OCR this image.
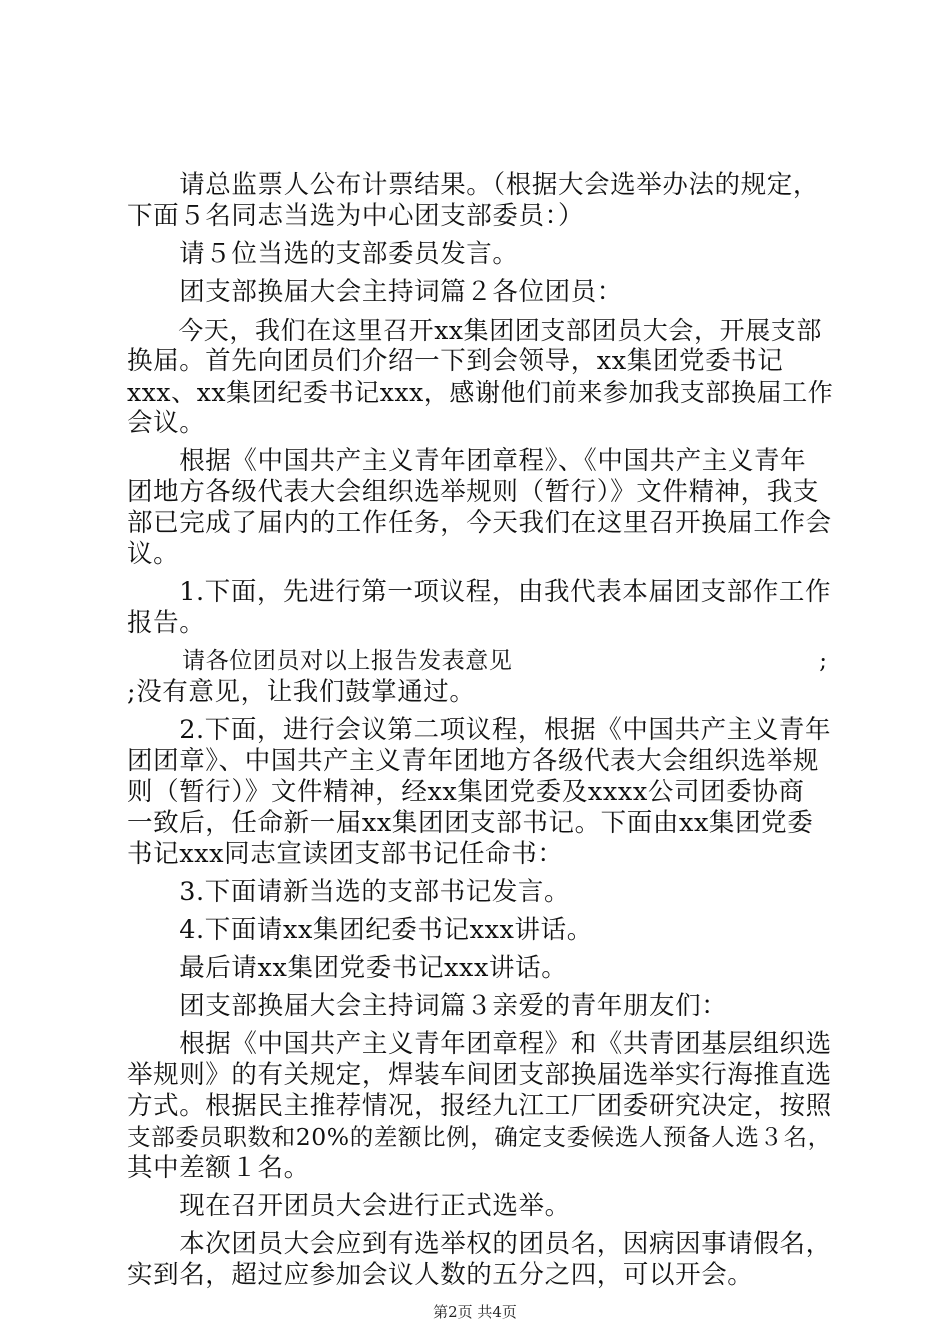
　　请总监票人公布计票结果。（根据大会选举办法的规定，
下面５名同志当选为中心团支部委员：）
　　请５位当选的支部委员发言。
　　团支部换届大会主持词篇２各位团员：
　　今天，我们在这里召开xx集团团支部团员大会，开展支部
换届。首先向团员们介绍一下到会领导，xx集团党委书记
xxx、xx集团纪委书记xxx，感谢他们前来参加我支部换届工作
会议。
　　根据《中国共产主义青年团章程》、《中国共产主义青年
团地方各级代表大会组织选举规则（暂行）》文件精神，我支
部已完成了届内的工作任务，今天我们在这里召开换届工作会
议。
　　1.下面，先进行第一项议程，由我代表本届团支部作工作
报告。
　　 请各位团员对以上报告发表意见　　　　　　　　　　　　　;
;没有意见，让我们鼓掌通过。
　　2.下面，进行会议第二项议程，根据《中国共产主义青年
团团章》、中国共产主义青年团地方各级代表大会组织选举规
则（暂行）》文件精神，经xx集团党委及xxxx公司团委协商
一致后，任命新一届xx集团团支部书记。下面由xx集团党委
书记xxx同志宣读团支部书记任命书：
　　3.下面请新当选的支部书记发言。
　　4.下面请xx集团纪委书记xxx讲话。
　　最后请xx集团党委书记xxx讲话。
　　团支部换届大会主持词篇３亲爱的青年朋友们：
　　根据《中国共产主义青年团章程》和《共青团基层组织选
举规则》的有关规定，焊装车间团支部换届选举实行海推直选
方式。根据民主推荐情况，报经九江工厂团委研究决定，按照
支部委员职数和20%的差额比例，确定支委候选人预备人选３名，
其中差额１名。
　　现在召开团员大会进行正式选举。
　　本次团员大会应到有选举权的团员名，因病因事请假名，
实到名，超过应参加会议人数的五分之四，可以开会。
第2页 共4页
